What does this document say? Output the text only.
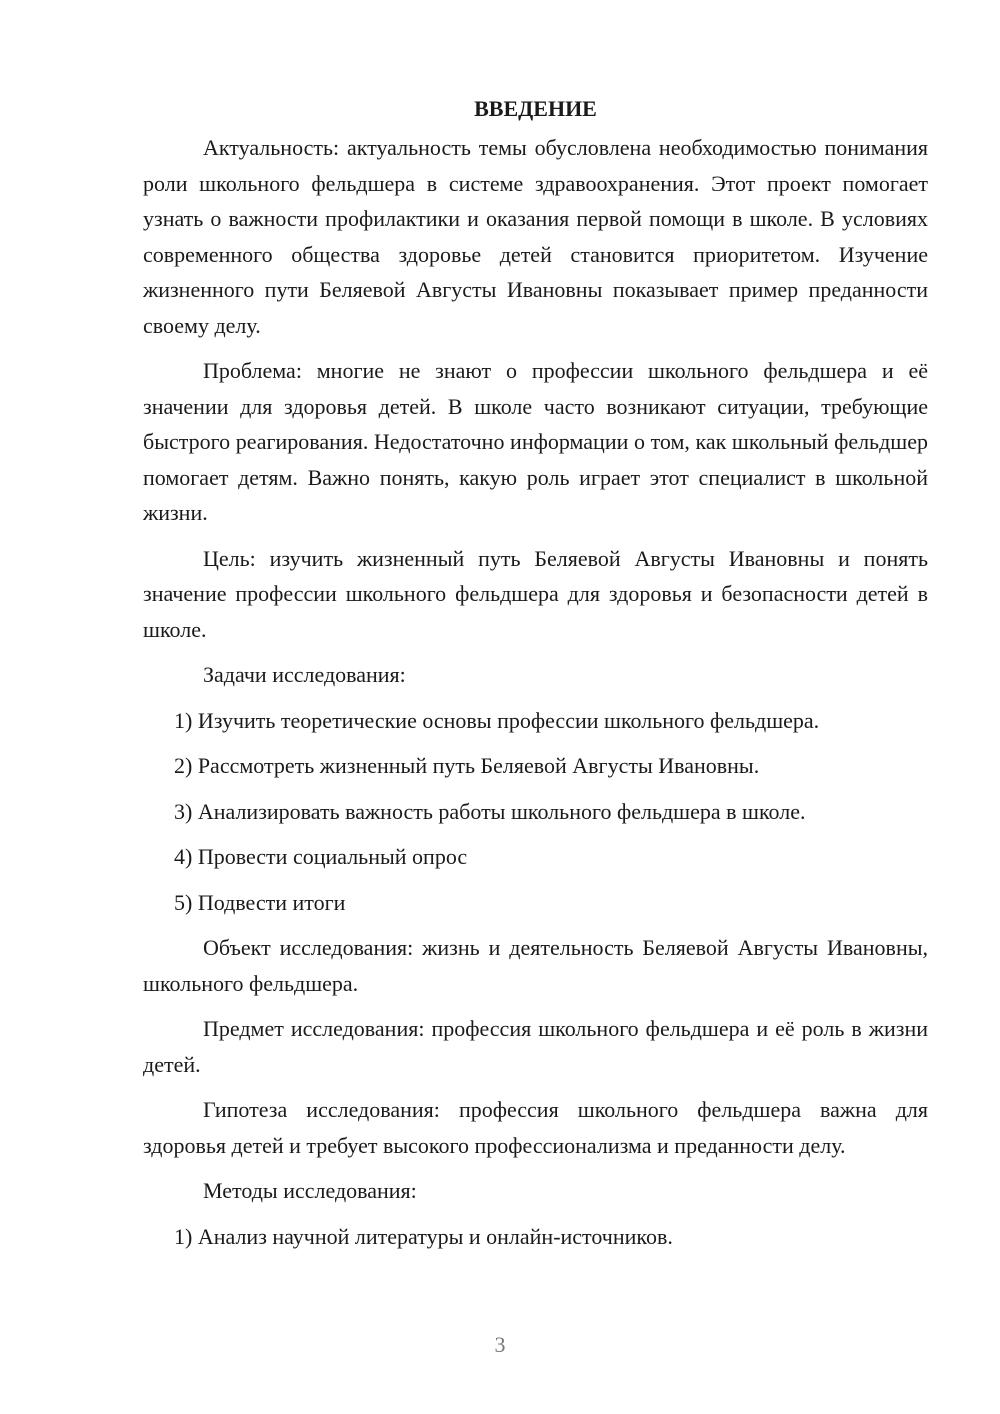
ВВЕДЕНИЕ

Актуальность: актуальность темы обусловлена необходимостью понимания роли школьного фельдшера в системе здравоохранения. Этот проект помогает узнать о важности профилактики и оказания первой помощи в школе. В условиях современного общества здоровье детей становится приоритетом. Изучение жизненного пути Беляевой Августы Ивановны показывает пример преданности своему делу.

Проблема: многие не знают о профессии школьного фельдшера и её значении для здоровья детей. В школе часто возникают ситуации, требующие быстрого реагирования. Недостаточно информации о том, как школьный фельдшер помогает детям. Важно понять, какую роль играет этот специалист в школьной жизни.

Цель: изучить жизненный путь Беляевой Августы Ивановны и понять значение профессии школьного фельдшера для здоровья и безопасности детей в школе.

Задачи исследования:

1) Изучить теоретические основы профессии школьного фельдшера.
2) Рассмотреть жизненный путь Беляевой Августы Ивановны.
3) Анализировать важность работы школьного фельдшера в школе.
4) Провести социальный опрос
5) Подвести итоги

Объект исследования: жизнь и деятельность Беляевой Августы Ивановны, школьного фельдшера.

Предмет исследования: профессия школьного фельдшера и её роль в жизни детей.

Гипотеза исследования: профессия школьного фельдшера важна для здоровья детей и требует высокого профессионализма и преданности делу.

Методы исследования:

1) Анализ научной литературы и онлайн-источников.
3
